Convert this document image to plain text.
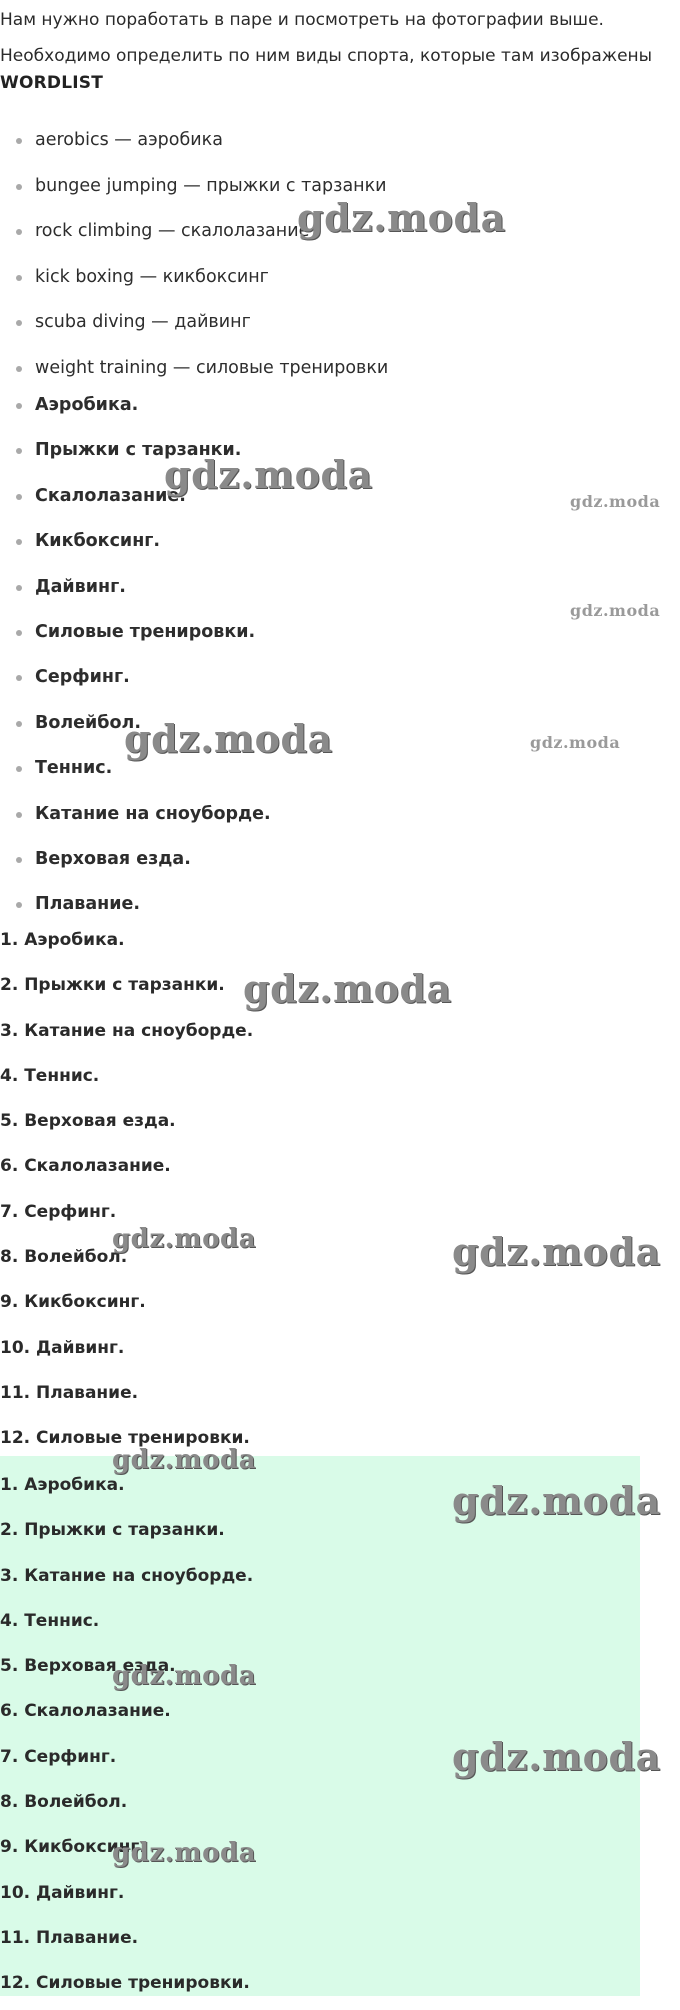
Нам нужно поработать в паре и посмотреть на фотографии выше. Необходимо определить по ним виды спорта, которые там изображены
WORDLIST
aerobics — аэробика
bungee jumping — прыжки с тарзанки
rock climbing — скалолазание
kick boxing — кикбоксинг
scuba diving — дайвинг
weight training — силовые тренировки
Аэробика.
Прыжки с тарзанки.
Скалолазание.
Кикбоксинг.
Дайвинг.
Силовые тренировки.
Серфинг.
Волейбол.
Теннис.
Катание на сноуборде.
Верховая езда.
Плавание.
1. Аэробика.
2. Прыжки с тарзанки.
3. Катание на сноуборде.
4. Теннис.
5. Верховая езда.
6. Скалолазание.
7. Серфинг.
8. Волейбол.
9. Кикбоксинг.
10. Дайвинг.
11. Плавание.
12. Силовые тренировки.
1. Аэробика.
2. Прыжки с тарзанки.
3. Катание на сноуборде.
4. Теннис.
5. Верховая езда.
6. Скалолазание.
7. Серфинг.
8. Волейбол.
9. Кикбоксинг.
10. Дайвинг.
11. Плавание.
12. Силовые тренировки.
gdz.moda
gdz.moda
gdz.moda
gdz.moda
gdz.moda	gdz.moda
gdz.moda
gdz.moda	gdz.moda
gdz.moda
gdz.moda
gdz.moda
gdz.moda
gdz.moda
